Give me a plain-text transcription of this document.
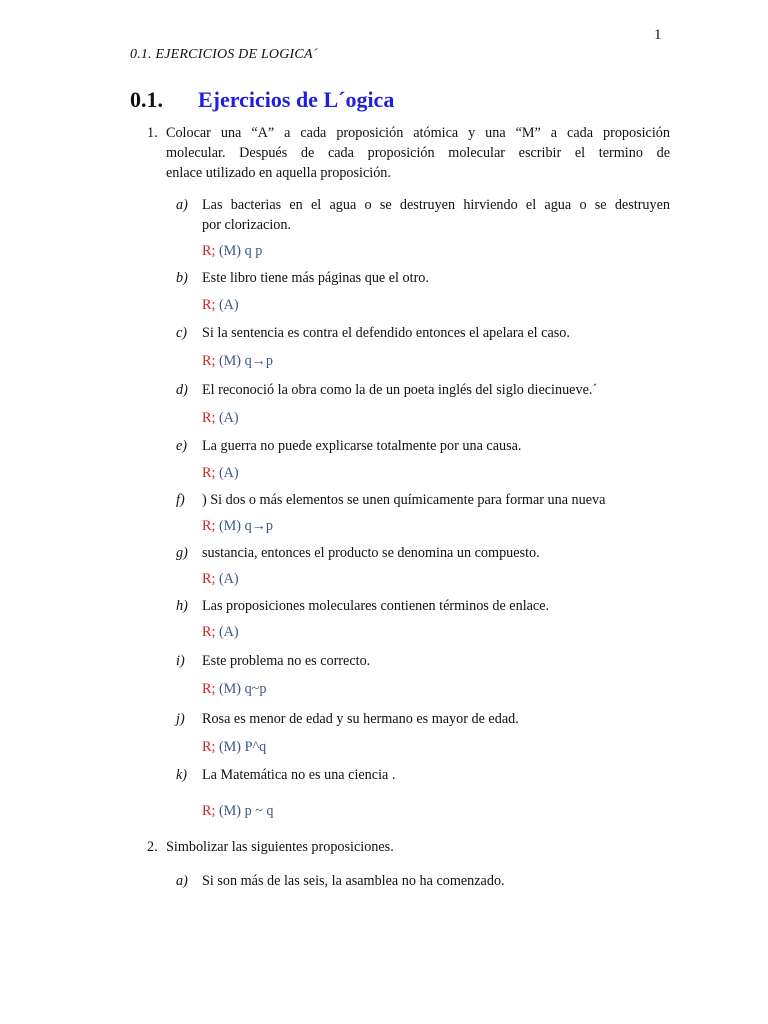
1
0.1. EJERCICIOS DE LOGICA´
0.1. Ejercicios de L´ogica
1. Colocar una “A” a cada proposición atómica y una “M” a cada proposición
molecular. Después de cada proposición molecular escribir el termino de
enlace utilizado en aquella proposición.
a) Las bacterias en el agua o se destruyen hirviendo el agua o se destruyen
por clorizacion.
R; (M) q p
b) Este libro tiene más páginas que el otro.
R; (A)
c) Si la sentencia es contra el defendido entonces el apelara el caso.
R; (M) q→p
d) El reconoció la obra como la de un poeta inglés del siglo diecinueve.´
R; (A)
e) La guerra no puede explicarse totalmente por una causa.
R; (A)
f) ) Si dos o más elementos se unen químicamente para formar una nueva
R; (M) q→p
g) sustancia, entonces el producto se denomina un compuesto.
R; (A)
h) Las proposiciones moleculares contienen términos de enlace.
R; (A)
i) Este problema no es correcto.
R; (M) q~p
j) Rosa es menor de edad y su hermano es mayor de edad.
R; (M) P^q
k) La Matemática no es una ciencia .
R; (M) p ~ q
2. Simbolizar las siguientes proposiciones.
a) Si son más de las seis, la asamblea no ha comenzado.
